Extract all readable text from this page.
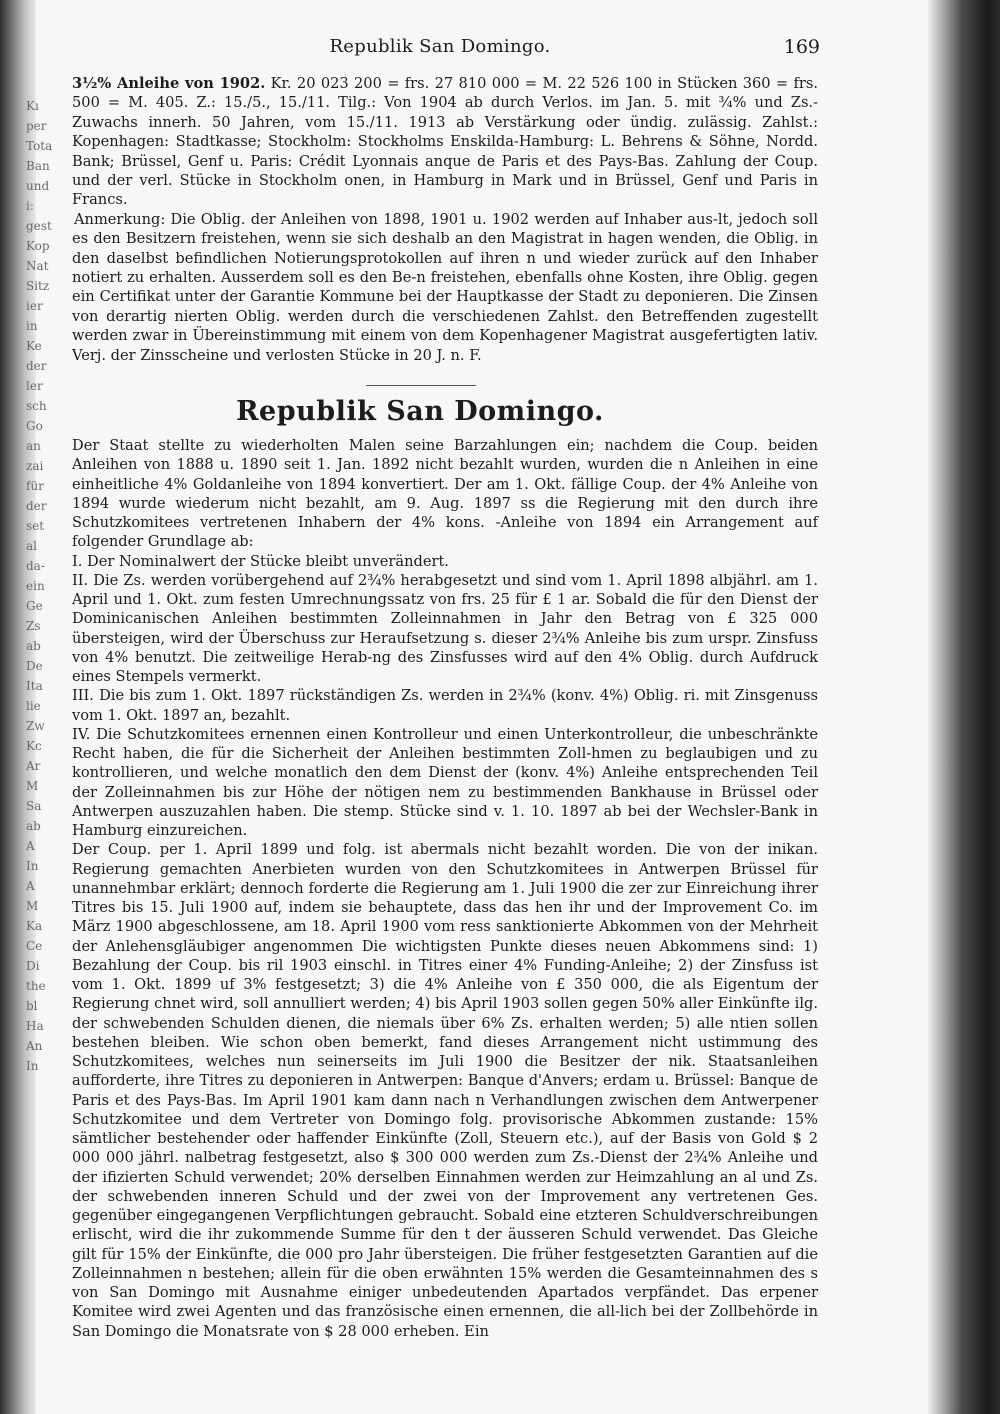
Kı
per
Tota
Ban
und
i:
gest
Kop
Nat
Sitz
ier
in
Ke
der
ler
sch
Go
an
zai
für
der
set
al
da-
ein
Ge
Zs
ab
De
Ita
lie
Zw
Kc
Ar
M
Sa
ab
A
In
A
M
Ka
Ce
Di
the
bl
Ha
An
In
Republik San Domingo.	169

3½% Anleihe von 1902. Kr. 20 023 200 = frs. 27 810 000 = M. 22 526 100 in Stücken 360 = frs. 500 = M. 405. Z.: 15./5., 15./11. Tilg.: Von 1904 ab durch Verlos. im Jan. 5. mit ¾% und Zs.-Zuwachs innerh. 50 Jahren, vom 15./11. 1913 ab Verstärkung oder ündig. zulässig. Zahlst.: Kopenhagen: Stadtkasse; Stockholm: Stockholms Enskilda-Hamburg: L. Behrens & Söhne, Nordd. Bank; Brüssel, Genf u. Paris: Crédit Lyonnais anque de Paris et des Pays-Bas. Zahlung der Coup. und der verl. Stücke in Stockholm onen, in Hamburg in Mark und in Brüssel, Genf und Paris in Francs.

Anmerkung: Die Oblig. der Anleihen von 1898, 1901 u. 1902 werden auf Inhaber aus-lt, jedoch soll es den Besitzern freistehen, wenn sie sich deshalb an den Magistrat in hagen wenden, die Oblig. in den daselbst befindlichen Notierungsprotokollen auf ihren n und wieder zurück auf den Inhaber notiert zu erhalten. Ausserdem soll es den Be-n freistehen, ebenfalls ohne Kosten, ihre Oblig. gegen ein Certifikat unter der Garantie Kommune bei der Hauptkasse der Stadt zu deponieren. Die Zinsen von derartig nierten Oblig. werden durch die verschiedenen Zahlst. den Betreffenden zugestellt werden zwar in Übereinstimmung mit einem von dem Kopenhagener Magistrat ausgefertigten lativ. Verj. der Zinsscheine und verlosten Stücke in 20 J. n. F.

Republik San Domingo.

Der Staat stellte zu wiederholten Malen seine Barzahlungen ein; nachdem die Coup. beiden Anleihen von 1888 u. 1890 seit 1. Jan. 1892 nicht bezahlt wurden, wurden die n Anleihen in eine einheitliche 4% Goldanleihe von 1894 konvertiert. Der am 1. Okt. fällige Coup. der 4% Anleihe von 1894 wurde wiederum nicht bezahlt, am 9. Aug. 1897 ss die Regierung mit den durch ihre Schutzkomitees vertretenen Inhabern der 4% kons. -Anleihe von 1894 ein Arrangement auf folgender Grundlage ab:

I. Der Nominalwert der Stücke bleibt unverändert.

II. Die Zs. werden vorübergehend auf 2¾% herabgesetzt und sind vom 1. April 1898 albjährl. am 1. April und 1. Okt. zum festen Umrechnungssatz von frs. 25 für £ 1 ar. Sobald die für den Dienst der Dominicanischen Anleihen bestimmten Zolleinnahmen in Jahr den Betrag von £ 325 000 übersteigen, wird der Überschuss zur Heraufsetzung s. dieser 2¾% Anleihe bis zum urspr. Zinsfuss von 4% benutzt. Die zeitweilige Herab-ng des Zinsfusses wird auf den 4% Oblig. durch Aufdruck eines Stempels vermerkt.

III. Die bis zum 1. Okt. 1897 rückständigen Zs. werden in 2¾% (konv. 4%) Oblig. ri. mit Zinsgenuss vom 1. Okt. 1897 an, bezahlt.

IV. Die Schutzkomitees ernennen einen Kontrolleur und einen Unterkontrolleur, die unbeschränkte Recht haben, die für die Sicherheit der Anleihen bestimmten Zoll-hmen zu beglaubigen und zu kontrollieren, und welche monatlich den dem Dienst der (konv. 4%) Anleihe entsprechenden Teil der Zolleinnahmen bis zur Höhe der nötigen nem zu bestimmenden Bankhause in Brüssel oder Antwerpen auszuzahlen haben. Die stemp. Stücke sind v. 1. 10. 1897 ab bei der Wechsler-Bank in Hamburg einzureichen.

Der Coup. per 1. April 1899 und folg. ist abermals nicht bezahlt worden. Die von der inikan. Regierung gemachten Anerbieten wurden von den Schutzkomitees in Antwerpen Brüssel für unannehmbar erklärt; dennoch forderte die Regierung am 1. Juli 1900 die zer zur Einreichung ihrer Titres bis 15. Juli 1900 auf, indem sie behauptete, dass das hen ihr und der Improvement Co. im März 1900 abgeschlossene, am 18. April 1900 vom ress sanktionierte Abkommen von der Mehrheit der Anlehensgläubiger angenommen Die wichtigsten Punkte dieses neuen Abkommens sind: 1) Bezahlung der Coup. bis ril 1903 einschl. in Titres einer 4% Funding-Anleihe; 2) der Zinsfuss ist vom 1. Okt. 1899 uf 3% festgesetzt; 3) die 4% Anleihe von £ 350 000, die als Eigentum der Regierung chnet wird, soll annulliert werden; 4) bis April 1903 sollen gegen 50% aller Einkünfte ilg. der schwebenden Schulden dienen, die niemals über 6% Zs. erhalten werden; 5) alle ntien sollen bestehen bleiben. Wie schon oben bemerkt, fand dieses Arrangement nicht ustimmung des Schutzkomitees, welches nun seinerseits im Juli 1900 die Besitzer der nik. Staatsanleihen aufforderte, ihre Titres zu deponieren in Antwerpen: Banque d'Anvers; erdam u. Brüssel: Banque de Paris et des Pays-Bas. Im April 1901 kam dann nach n Verhandlungen zwischen dem Antwerpener Schutzkomitee und dem Vertreter von Domingo folg. provisorische Abkommen zustande: 15% sämtlicher bestehender oder haffender Einkünfte (Zoll, Steuern etc.), auf der Basis von Gold $ 2 000 000 jährl. nalbetrag festgesetzt, also $ 300 000 werden zum Zs.-Dienst der 2¾% Anleihe und der ifizierten Schuld verwendet; 20% derselben Einnahmen werden zur Heimzahlung an al und Zs. der schwebenden inneren Schuld und der zwei von der Improvement any vertretenen Ges. gegenüber eingegangenen Verpflichtungen gebraucht. Sobald eine etzteren Schuldverschreibungen erlischt, wird die ihr zukommende Summe für den t der äusseren Schuld verwendet. Das Gleiche gilt für 15% der Einkünfte, die 000 pro Jahr übersteigen. Die früher festgesetzten Garantien auf die Zolleinnahmen n bestehen; allein für die oben erwähnten 15% werden die Gesamteinnahmen des s von San Domingo mit Ausnahme einiger unbedeutenden Apartados verpfändet. Das erpener Komitee wird zwei Agenten und das französische einen ernennen, die all-lich bei der Zollbehörde in San Domingo die Monatsrate von $ 28 000 erheben. Ein
